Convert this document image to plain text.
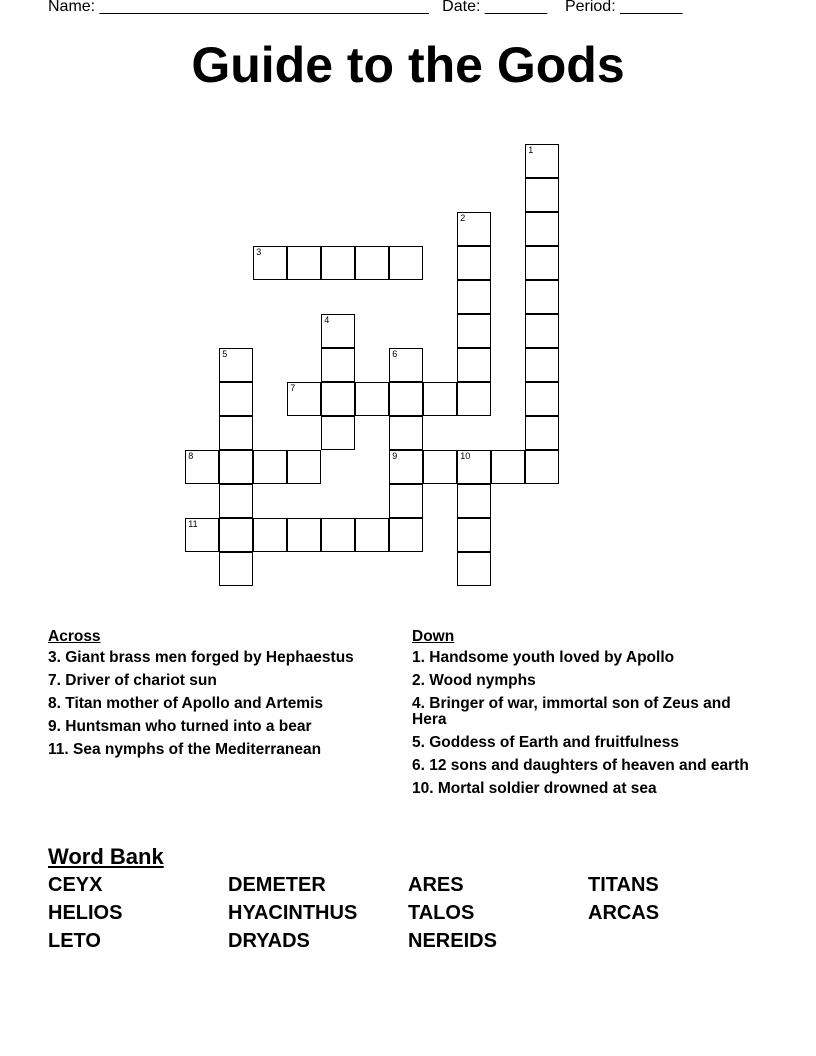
Name: _____________________________________ Date: _______ Period: _______
Guide to the Gods
1
2
3
4
5	6
9
7
8	10
11
Across
3. Giant brass men forged by Hephaestus
7. Driver of chariot sun
8. Titan mother of Apollo and Artemis
9. Huntsman who turned into a bear
11. Sea nymphs of the Mediterranean
Down
1. Handsome youth loved by Apollo
2. Wood nymphs
4. Bringer of war, immortal son of Zeus and Hera
5. Goddess of Earth and fruitfulness
6. 12 sons and daughters of heaven and earth
10. Mortal soldier drowned at sea
Word Bank
CEYX
HELIOS
LETO
DEMETER
HYACINTHUS
DRYADS
ARES
TALOS
NEREIDS
TITANS
ARCAS
